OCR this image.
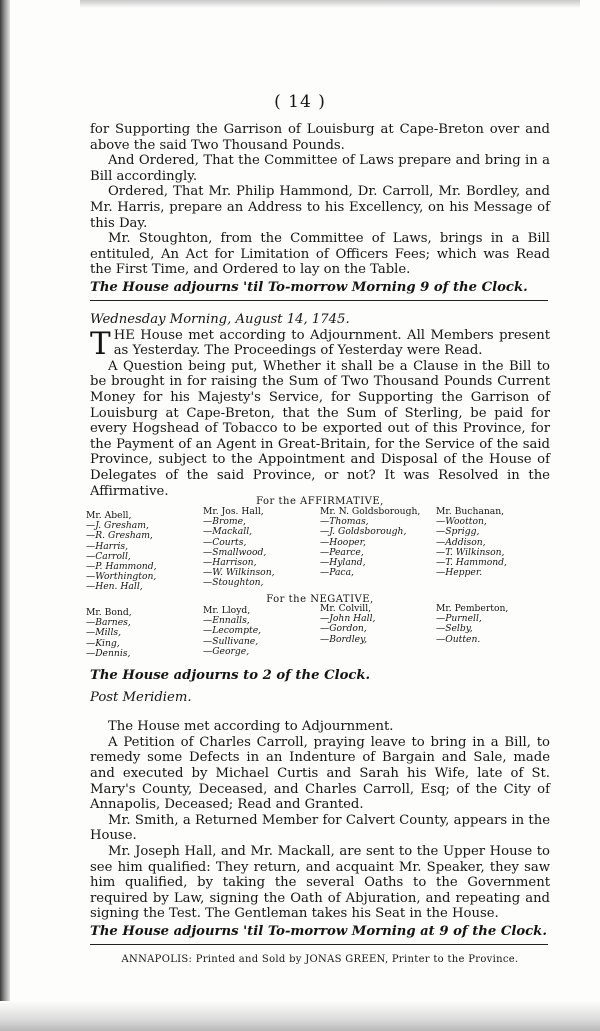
( 14 )

for Supporting the Garrison of Louisburg at Cape-Breton over and above the said Two Thousand Pounds.

And Ordered, That the Committee of Laws prepare and bring in a Bill accordingly.

Ordered, That Mr. Philip Hammond, Dr. Carroll, Mr. Bordley, and Mr. Harris, prepare an Address to his Excellency, on his Message of this Day.

Mr. Stoughton, from the Committee of Laws, brings in a Bill entituled, An Act for Limitation of Officers Fees; which was Read the First Time, and Ordered to lay on the Table.

The House adjourns 'til To-morrow Morning 9 of the Clock.

Wednesday Morning, August 14, 1745.

THE House met according to Adjournment. All Members present as Yesterday. The Proceedings of Yesterday were Read.

A Question being put, Whether it shall be a Clause in the Bill to be brought in for raising the Sum of Two Thousand Pounds Current Money for his Majesty's Service, for Supporting the Garrison of Louisburg at Cape-Breton, that the Sum of Sterling, be paid for every Hogshead of Tobacco to be exported out of this Province, for the Payment of an Agent in Great-Britain, for the Service of the said Province, subject to the Appointment and Disposal of the House of Delegates of the said Province, or not? It was Resolved in the Affirmative.

For the AFFIRMATIVE,
Mr. Abell,
—J. Gresham,
—R. Gresham,
—Harris,
—Carroll,
—P. Hammond,
—Worthington,
—Hen. Hall,
Mr. Jos. Hall,
—Brome,
—Mackall,
—Courts,
—Smallwood,
—Harrison,
—W. Wilkinson,
—Stoughton,
Mr. N. Goldsborough,
—Thomas,
—J. Goldsborough,
—Hooper,
—Pearce,
—Hyland,
—Paca,
Mr. Buchanan,
—Wootton,
—Sprigg,
—Addison,
—T. Wilkinson,
—T. Hammond,
—Hepper.
For the NEGATIVE,
Mr. Bond,
—Barnes,
—Mills,
—King,
—Dennis,
Mr. Lloyd,
—Ennalls,
—Lecompte,
—Sullivane,
—George,
Mr. Colvill,
—John Hall,
—Gordon,
—Bordley,
Mr. Pemberton,
—Purnell,
—Selby,
—Outten.

The House adjourns to 2 of the Clock.

Post Meridiem.

The House met according to Adjournment.

A Petition of Charles Carroll, praying leave to bring in a Bill, to remedy some Defects in an Indenture of Bargain and Sale, made and executed by Michael Curtis and Sarah his Wife, late of St. Mary's County, Deceased, and Charles Carroll, Esq; of the City of Annapolis, Deceased; Read and Granted.

Mr. Smith, a Returned Member for Calvert County, appears in the House.

Mr. Joseph Hall, and Mr. Mackall, are sent to the Upper House to see him qualified: They return, and acquaint Mr. Speaker, they saw him qualified, by taking the several Oaths to the Government required by Law, signing the Oath of Abjuration, and repeating and signing the Test. The Gentleman takes his Seat in the House.

The House adjourns 'til To-morrow Morning at 9 of the Clock.

ANNAPOLIS: Printed and Sold by JONAS GREEN, Printer to the Province.
